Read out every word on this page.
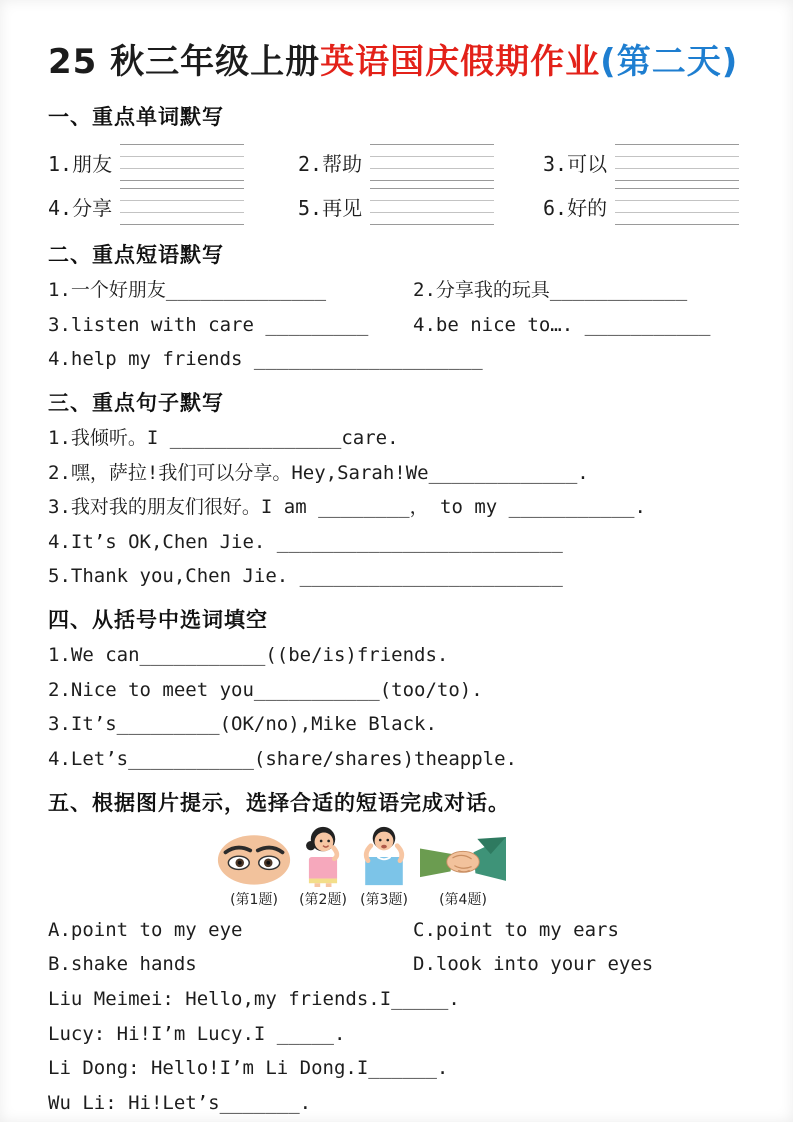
25 秋三年级上册英语国庆假期作业(第二天)
一、重点单词默写
1.朋友	2.帮助	3.可以
4.分享	5.再见	6.好的
二、重点短语默写

1.一个好朋友______________	2.分享我的玩具____________

3.listen with care _________	4.be nice to…. ___________

4.help my friends ____________________

三、重点句子默写

1.我倾听。I _______________care.

2.嘿，萨拉!我们可以分享。Hey,Sarah!We_____________.

3.我对我的朋友们很好。I am ________， to my ___________.

4.It’s OK,Chen Jie. _________________________

5.Thank you,Chen Jie. _______________________

四、从括号中选词填空

1.We can___________((be/is)friends.

2.Nice to meet you___________(too/to).

3.It’s_________(OK/no),Mike Black.

4.Let’s___________(share/shares)theapple.

五、根据图片提示，选择合适的短语完成对话。
(第1题)	(第2题) (第3题)	(第4题)

A.point to my eye	C.point to my ears

B.shake hands	D.look into your eyes

Liu Meimei: Hello,my friends.I_____.

Lucy: Hi!I’m Lucy.I _____.

Li Dong: Hello!I’m Li Dong.I______.

Wu Li: Hi!Let’s_______.
